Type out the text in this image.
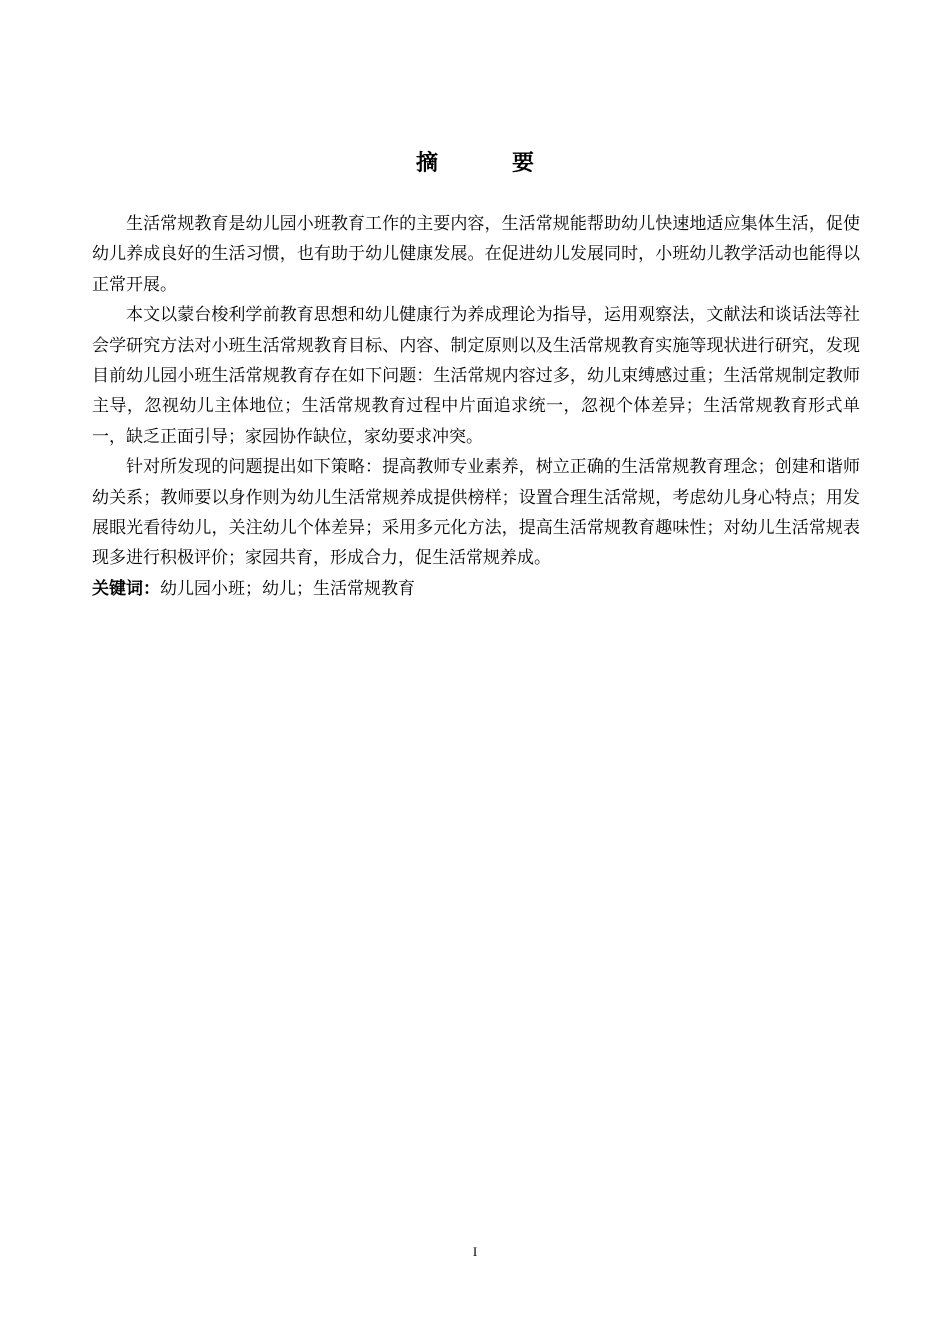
摘　要

生活常规教育是幼儿园小班教育工作的主要内容，生活常规能帮助幼儿快速地适应集体生活，促使幼儿养成良好的生活习惯，也有助于幼儿健康发展。在促进幼儿发展同时，小班幼儿教学活动也能得以正常开展。

本文以蒙台梭利学前教育思想和幼儿健康行为养成理论为指导，运用观察法，文献法和谈话法等社会学研究方法对小班生活常规教育目标、内容、制定原则以及生活常规教育实施等现状进行研究，发现目前幼儿园小班生活常规教育存在如下问题：生活常规内容过多，幼儿束缚感过重；生活常规制定教师主导，忽视幼儿主体地位；生活常规教育过程中片面追求统一，忽视个体差异；生活常规教育形式单一，缺乏正面引导；家园协作缺位，家幼要求冲突。

针对所发现的问题提出如下策略：提高教师专业素养，树立正确的生活常规教育理念；创建和谐师幼关系；教师要以身作则为幼儿生活常规养成提供榜样；设置合理生活常规，考虑幼儿身心特点；用发展眼光看待幼儿，关注幼儿个体差异；采用多元化方法，提高生活常规教育趣味性；对幼儿生活常规表现多进行积极评价；家园共育，形成合力，促生活常规养成。

关键词：幼儿园小班；幼儿；生活常规教育

I
